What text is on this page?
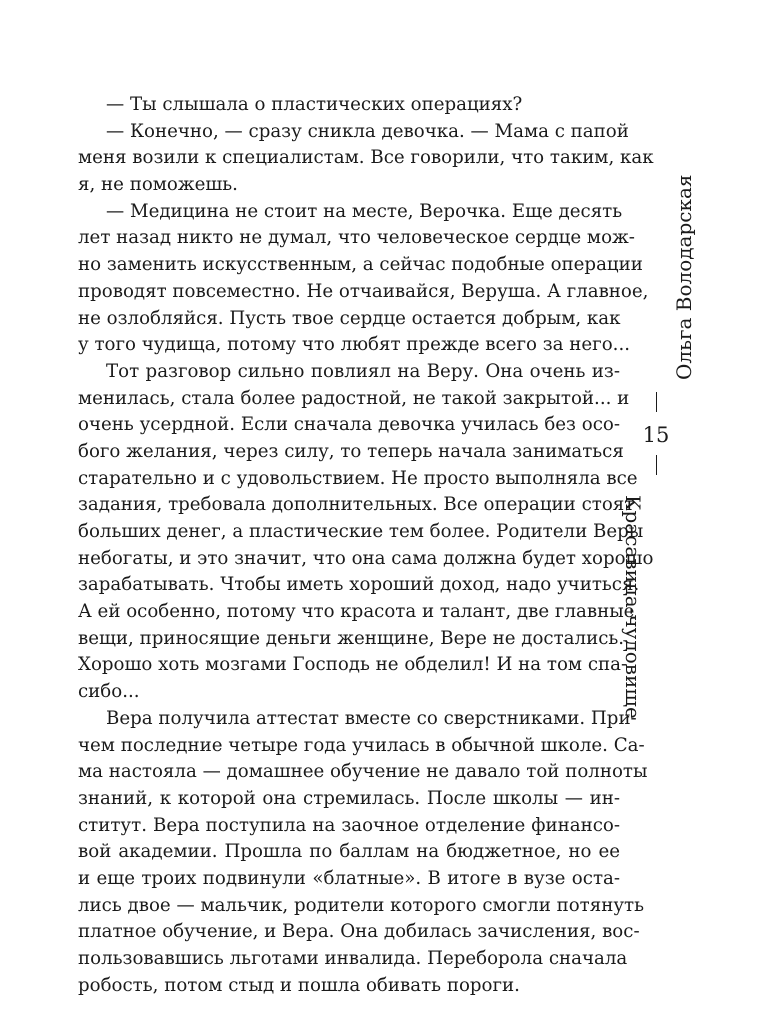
— Ты слышала о пластических операциях?
— Конечно, — сразу сникла девочка. — Мама с папой
меня возили к специалистам. Все говорили, что таким, как
я, не поможешь.
— Медицина не стоит на месте, Верочка. Еще десять
лет назад никто не думал, что человеческое сердце мож-
но заменить искусственным, а сейчас подобные операции
проводят повсеместно. Не отчаивайся, Веруша. А главное,
не озлобляйся. Пусть твое сердце остается добрым, как
у того чудища, потому что любят прежде всего за него...
Тот разговор сильно повлиял на Веру. Она очень из-
менилась, стала более радостной, не такой закрытой... и
очень усердной. Если сначала девочка училась без осо-
бого желания, через силу, то теперь начала заниматься
старательно и с удовольствием. Не просто выполняла все
задания, требовала дополнительных. Все операции стоят
больших денег, а пластические тем более. Родители Веры
небогаты, и это значит, что она сама должна будет хорошо
зарабатывать. Чтобы иметь хороший доход, надо учиться.
А ей особенно, потому что красота и талант, две главные
вещи, приносящие деньги женщине, Вере не достались.
Хорошо хоть мозгами Господь не обделил! И на том спа-
сибо...
Вера получила аттестат вместе со сверстниками. При-
чем последние четыре года училась в обычной школе. Са-
ма настояла — домашнее обучение не давало той полноты
знаний, к которой она стремилась. После школы — ин-
ститут. Вера поступила на заочное отделение финансо-
вой академии. Прошла по баллам на бюджетное, но ее
и еще троих подвинули «блатные». В итоге в вузе оста-
лись двое — мальчик, родители которого смогли потянуть
платное обучение, и Вера. Она добилась зачисления, вос-
пользовавшись льготами инвалида. Переборола сначала
робость, потом стыд и пошла обивать пороги.
Ольга Володарская
15
Красавица-чудовище
